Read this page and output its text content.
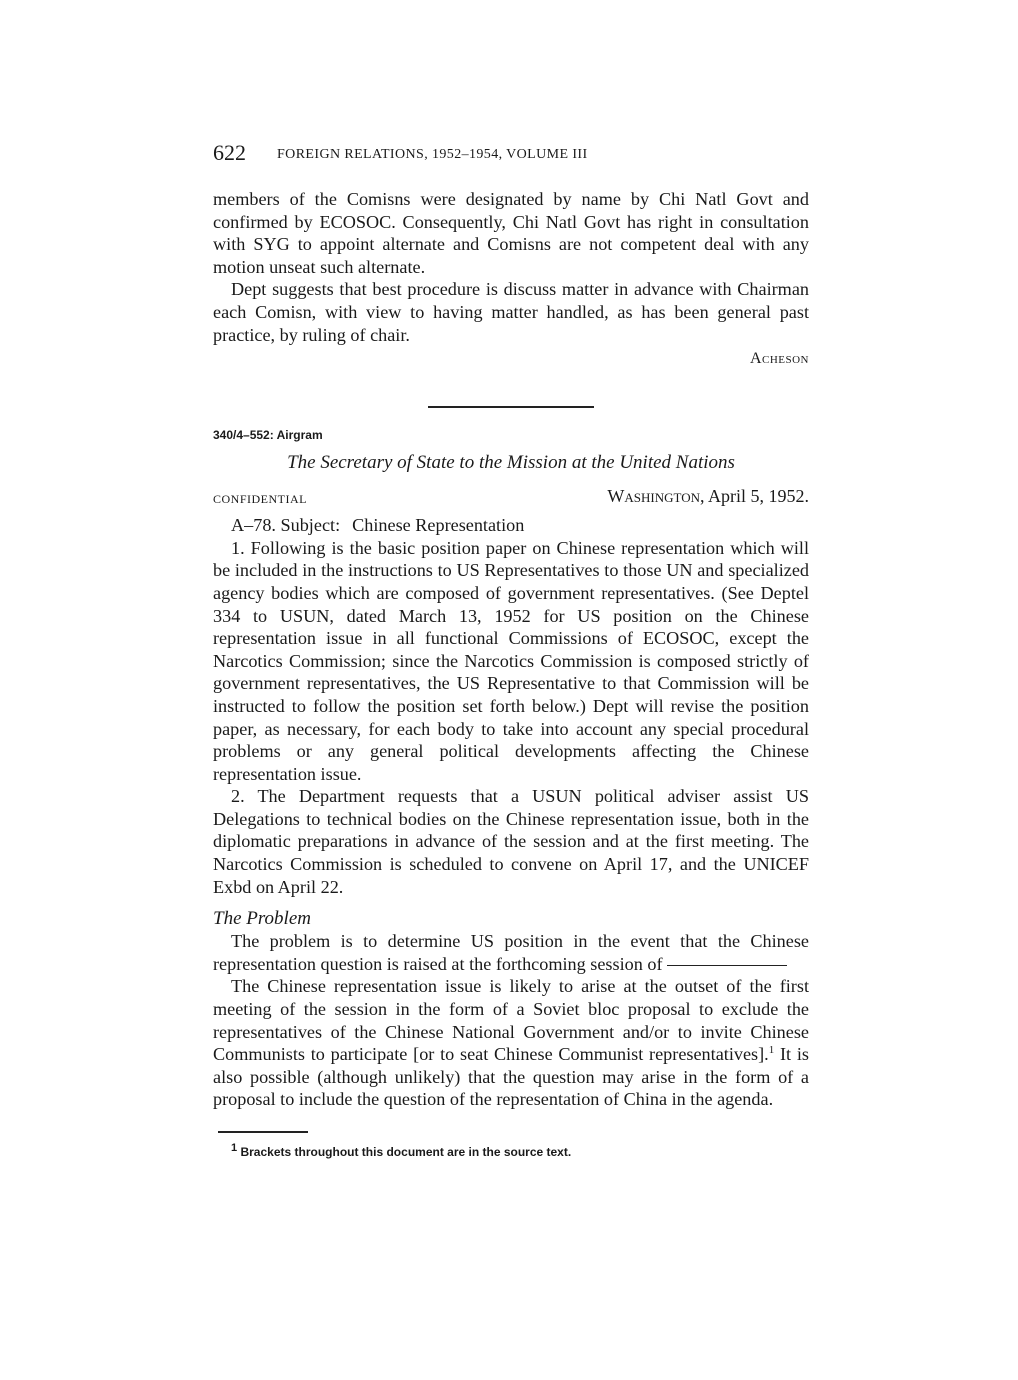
622 FOREIGN RELATIONS, 1952–1954, VOLUME III

members of the Comisns were designated by name by Chi Natl Govt and confirmed by ECOSOC. Consequently, Chi Natl Govt has right in consultation with SYG to appoint alternate and Comisns are not competent deal with any motion unseat such alternate.

Dept suggests that best procedure is discuss matter in advance with Chairman each Comisn, with view to having matter handled, as has been general past practice, by ruling of chair.

Acheson
340/4–552: Airgram
The Secretary of State to the Mission at the United Nations
CONFIDENTIAL	Washington, April 5, 1952.

A–78. Subject: Chinese Representation

1. Following is the basic position paper on Chinese representation which will be included in the instructions to US Representatives to those UN and specialized agency bodies which are composed of government representatives. (See Deptel 334 to USUN, dated March 13, 1952 for US position on the Chinese representation issue in all functional Commissions of ECOSOC, except the Narcotics Commission; since the Narcotics Commission is composed strictly of government representatives, the US Representative to that Commission will be instructed to follow the position set forth below.) Dept will revise the position paper, as necessary, for each body to take into account any special procedural problems or any general political developments affecting the Chinese representation issue.

2. The Department requests that a USUN political adviser assist US Delegations to technical bodies on the Chinese representation issue, both in the diplomatic preparations in advance of the session and at the first meeting. The Narcotics Commission is scheduled to convene on April 17, and the UNICEF Exbd on April 22.

The Problem

The problem is to determine US position in the event that the Chinese representation question is raised at the forthcoming session of

The Chinese representation issue is likely to arise at the outset of the first meeting of the session in the form of a Soviet bloc proposal to exclude the representatives of the Chinese National Government and/or to invite Chinese Communists to participate [or to seat Chinese Communist representatives].$^1$ It is also possible (although unlikely) that the question may arise in the form of a proposal to include the question of the representation of China in the agenda.

$^1$ Brackets throughout this document are in the source text.
